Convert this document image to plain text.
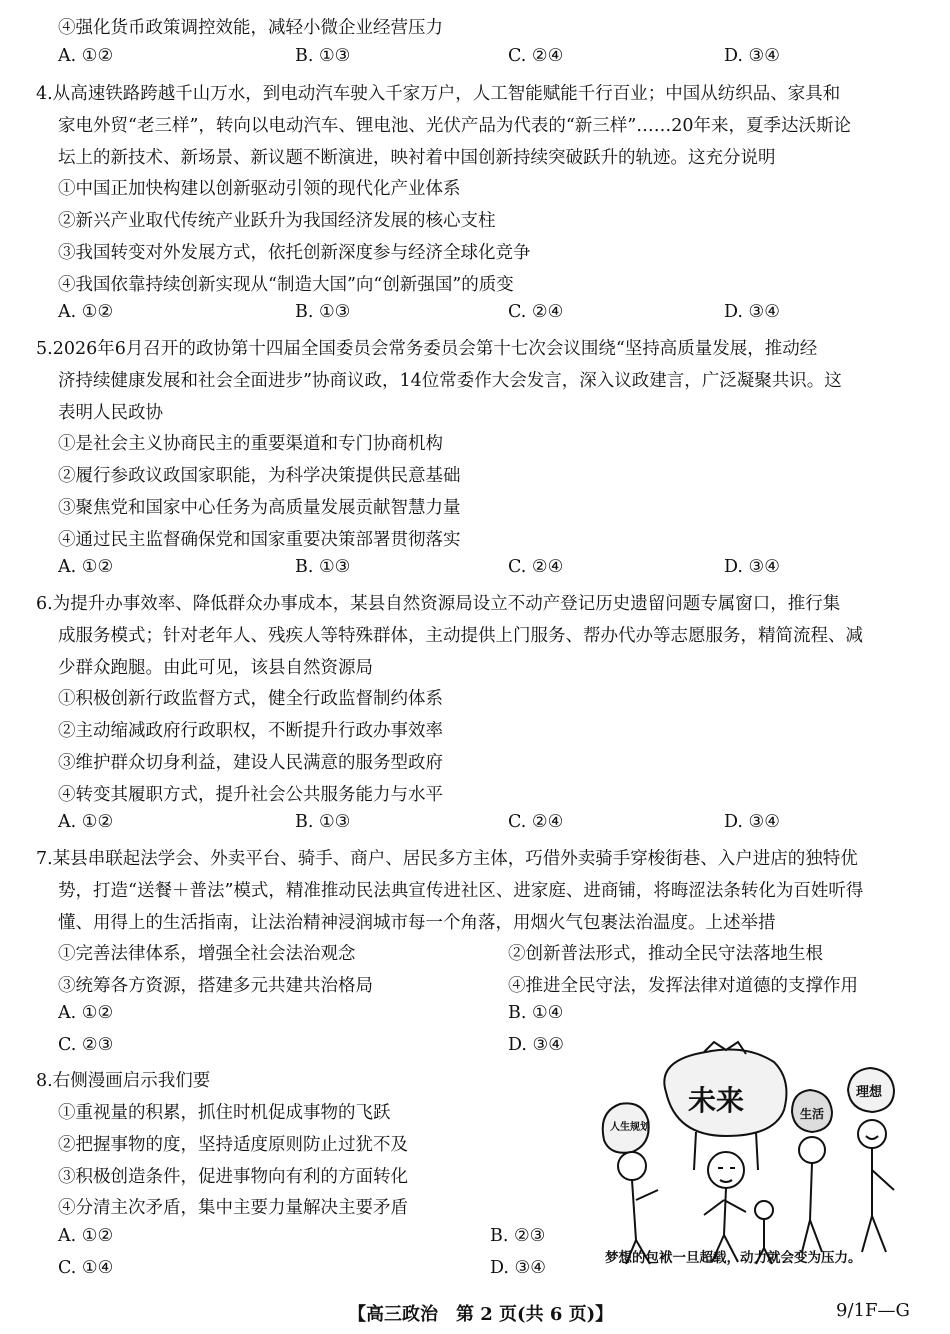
④强化货币政策调控效能，减轻小微企业经营压力
A. ①②	B. ①③	C. ②④	D. ③④
4.从高速铁路跨越千山万水，到电动汽车驶入千家万户，人工智能赋能千行百业；中国从纺织品、家具和
家电外贸“老三样”，转向以电动汽车、锂电池、光伏产品为代表的“新三样”……20年来，夏季达沃斯论
坛上的新技术、新场景、新议题不断演进，映衬着中国创新持续突破跃升的轨迹。这充分说明
①中国正加快构建以创新驱动引领的现代化产业体系
②新兴产业取代传统产业跃升为我国经济发展的核心支柱
③我国转变对外发展方式，依托创新深度参与经济全球化竞争
④我国依靠持续创新实现从“制造大国”向“创新强国”的质变
A. ①②	B. ①③	C. ②④	D. ③④
5.2026年6月召开的政协第十四届全国委员会常务委员会第十七次会议围绕“坚持高质量发展，推动经
济持续健康发展和社会全面进步”协商议政，14位常委作大会发言，深入议政建言，广泛凝聚共识。这
表明人民政协
①是社会主义协商民主的重要渠道和专门协商机构
②履行参政议政国家职能，为科学决策提供民意基础
③聚焦党和国家中心任务为高质量发展贡献智慧力量
④通过民主监督确保党和国家重要决策部署贯彻落实
A. ①②	B. ①③	C. ②④	D. ③④
6.为提升办事效率、降低群众办事成本，某县自然资源局设立不动产登记历史遗留问题专属窗口，推行集
成服务模式；针对老年人、残疾人等特殊群体，主动提供上门服务、帮办代办等志愿服务，精简流程、减
少群众跑腿。由此可见，该县自然资源局
①积极创新行政监督方式，健全行政监督制约体系
②主动缩减政府行政职权，不断提升行政办事效率
③维护群众切身利益，建设人民满意的服务型政府
④转变其履职方式，提升社会公共服务能力与水平
A. ①②	B. ①③	C. ②④	D. ③④
7.某县串联起法学会、外卖平台、骑手、商户、居民多方主体，巧借外卖骑手穿梭街巷、入户进店的独特优
势，打造“送餐＋普法”模式，精准推动民法典宣传进社区、进家庭、进商铺，将晦涩法条转化为百姓听得
懂、用得上的生活指南，让法治精神浸润城市每一个角落，用烟火气包裹法治温度。上述举措
①完善法律体系，增强全社会法治观念	②创新普法形式，推动全民守法落地生根
③统筹各方资源，搭建多元共建共治格局	④推进全民守法，发挥法律对道德的支撑作用
A. ①②	B. ①④
C. ②③	D. ③④
8.右侧漫画启示我们要
①重视量的积累，抓住时机促成事物的飞跃
②把握事物的度，坚持适度原则防止过犹不及
③积极创造条件，促进事物向有利的方面转化
④分清主次矛盾，集中主要力量解决主要矛盾
A. ①②	B. ②③
C. ①④	D. ③④
未来
人生规划
生活
理想
梦想的包袱一旦超载，动力就会变为压力。
【高三政治　第 2 页(共 6 页)】	9/1F—G
